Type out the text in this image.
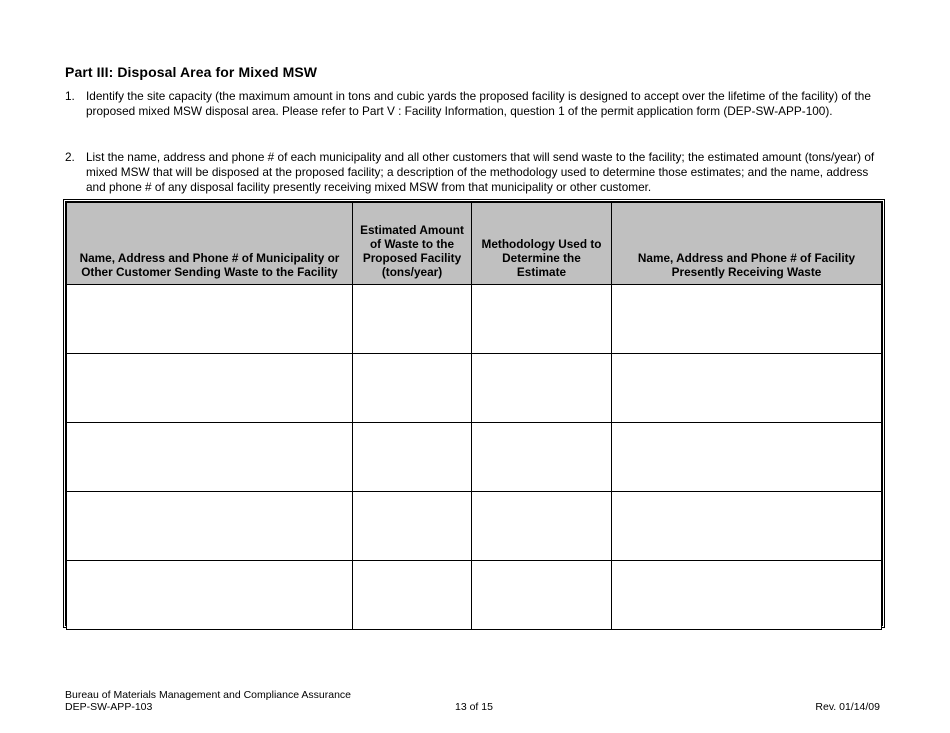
Part III: Disposal Area for Mixed MSW
1. Identify the site capacity (the maximum amount in tons and cubic yards the proposed facility is designed to accept over the lifetime of the facility) of the proposed mixed MSW disposal area. Please refer to Part V : Facility Information, question 1 of the permit application form (DEP-SW-APP-100).
2. List the name, address and phone # of each municipality and all other customers that will send waste to the facility; the estimated amount (tons/year) of mixed MSW that will be disposed at the proposed facility; a description of the methodology used to determine those estimates; and the name, address and phone # of any disposal facility presently receiving mixed MSW from that municipality or other customer.
Name, Address and Phone # of Municipality or Other Customer Sending Waste to the Facility	Estimated Amount of Waste to the Proposed Facility (tons/year)	Methodology Used to Determine the Estimate	Name, Address and Phone # of Facility Presently Receiving Waste

Bureau of Materials Management and Compliance Assurance
DEP-SW-APP-103	13 of 15	Rev. 01/14/09
